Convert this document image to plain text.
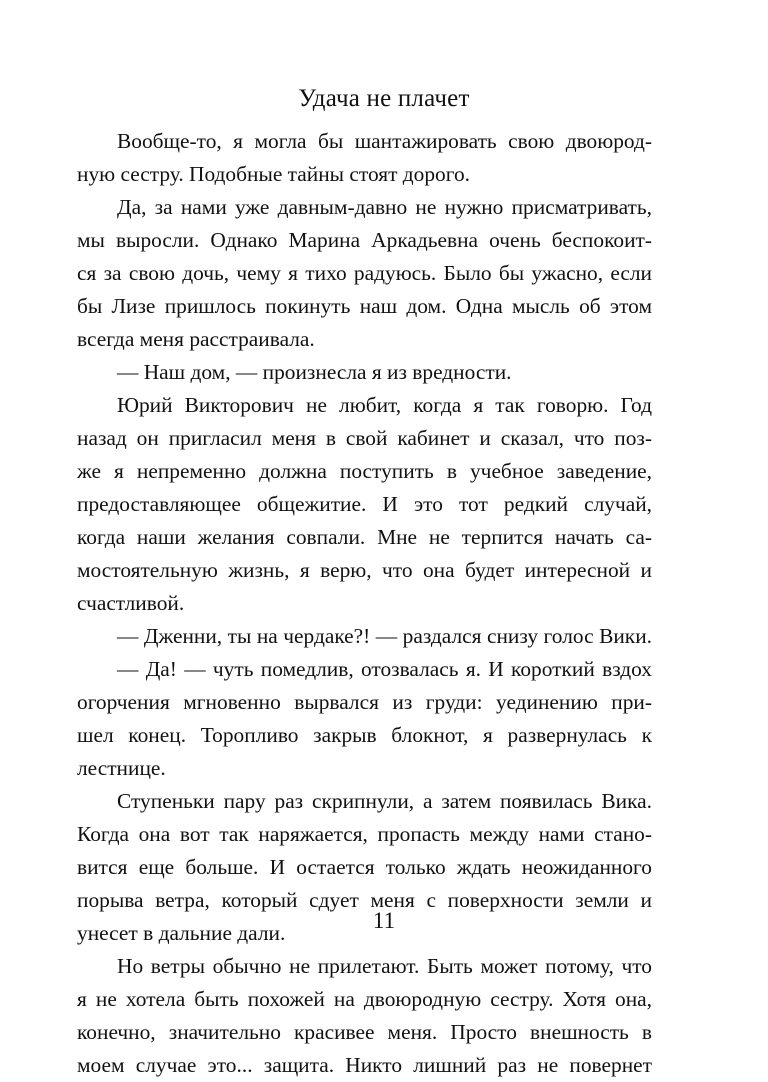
Удача не плачет
Вообще-то, я могла бы шантажировать свою двоюрод-
ную сестру. Подобные тайны стоят дорого.
Да, за нами уже давным-давно не нужно присматривать,
мы выросли. Однако Марина Аркадьевна очень беспокоит-
ся за свою дочь, чему я тихо радуюсь. Было бы ужасно, если
бы Лизе пришлось покинуть наш дом. Одна мысль об этом
всегда меня расстраивала.
— Наш дом, — произнесла я из вредности.
Юрий Викторович не любит, когда я так говорю. Год
назад он пригласил меня в свой кабинет и сказал, что поз-
же я непременно должна поступить в учебное заведение,
предоставляющее общежитие. И это тот редкий случай,
когда наши желания совпали. Мне не терпится начать са-
мостоятельную жизнь, я верю, что она будет интересной и
счастливой.
— Дженни, ты на чердаке?! — раздался снизу голос Вики.
— Да! — чуть помедлив, отозвалась я. И короткий вздох
огорчения мгновенно вырвался из груди: уединению при-
шел конец. Торопливо закрыв блокнот, я развернулась к
лестнице.
Ступеньки пару раз скрипнули, а затем появилась Вика.
Когда она вот так наряжается, пропасть между нами стано-
вится еще больше. И остается только ждать неожиданного
порыва ветра, который сдует меня с поверхности земли и
унесет в дальние дали.
Но ветры обычно не прилетают. Быть может потому, что
я не хотела быть похожей на двоюродную сестру. Хотя она,
конечно, значительно красивее меня. Просто внешность в
моем случае это... защита. Никто лишний раз не повернет
11
